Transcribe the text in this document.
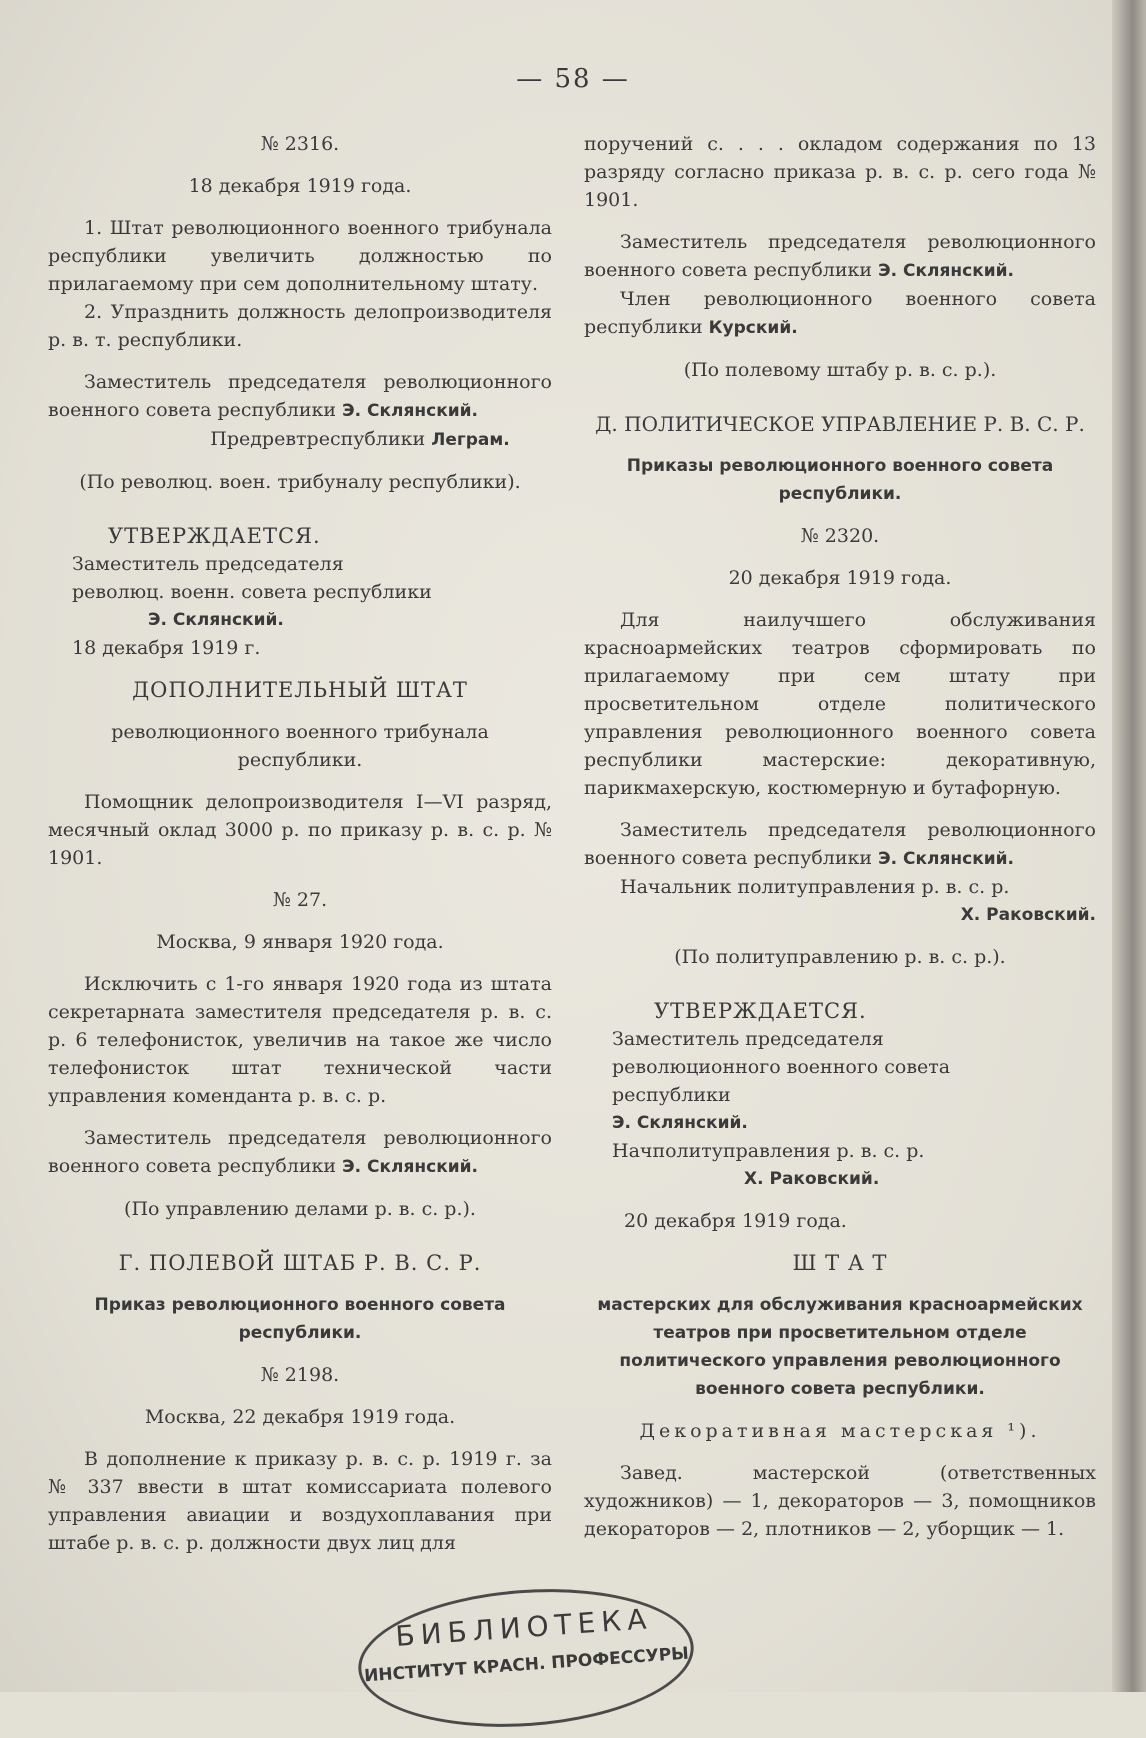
— 58 —

№ 2316.

18 декабря 1919 года.

1. Штат революционного военного трибунала республики увеличить должностью по прилагаемому при сем дополнительному штату.

2. Упразднить должность делопроизводителя р. в. т. республики.

Заместитель председателя революционного военного совета республики Э. Склянский.

Предревтреспублики Леграм.

(По революц. воен. трибуналу республики).

УТВЕРЖДАЕТСЯ.

Заместитель председателя революц. военн. совета республики

Э. Склянский.

18 декабря 1919 г.

ДОПОЛНИТЕЛЬНЫЙ ШТАТ

революционного военного трибунала республики.

Помощник делопроизводителя I—VI разряд, месячный оклад 3000 р. по приказу р. в. с. р. № 1901.

№ 27.

Москва, 9 января 1920 года.

Исключить с 1-го января 1920 года из штата секретарната заместителя председателя р. в. с. р. 6 телефонисток, увеличив на такое же число телефонисток штат технической части управления коменданта р. в. с. р.

Заместитель председателя революционного военного совета республики Э. Склянский.

(По управлению делами р. в. с. р.).

Г. ПОЛЕВОЙ ШТАБ Р. В. С. Р.

Приказ революционного военного совета республики.

№ 2198.

Москва, 22 декабря 1919 года.

В дополнение к приказу р. в. с. р. 1919 г. за № 337 ввести в штат комиссариата полевого управления авиации и воздухоплавания при штабе р. в. с. р. должности двух лиц для

поручений с. . . . окладом содержания по 13 разряду согласно приказа р. в. с. р. сего года № 1901.

Заместитель председателя революционного военного совета республики Э. Склянский.

Член революционного военного совета республики Курский.

(По полевому штабу р. в. с. р.).

Д. ПОЛИТИЧЕСКОЕ УПРАВЛЕНИЕ Р. В. С. Р.

Приказы революционного военного совета республики.

№ 2320.

20 декабря 1919 года.

Для наилучшего обслуживания красноармейских театров сформировать по прилагаемому при сем штату при просветительном отделе политического управления революционного военного совета республики мастерские: декоративную, парикмахерскую, костюмерную и бутафорную.

Заместитель председателя революционного военного совета республики Э. Склянский.

Начальник политуправления р. в. с. р.

Х. Раковский.

(По политуправлению р. в. с. р.).

УТВЕРЖДАЕТСЯ.

Заместитель председателя революционного военного совета республики

Э. Склянский.

Начполитуправления р. в. с. р.

Х. Раковский.

20 декабря 1919 года.

Ш Т А Т

мастерских для обслуживания красноармейских театров при просветительном отделе политического управления революционного военного совета республики.

Декоративная мастерская ¹).

Завед. мастерской (ответственных художников) — 1, декораторов — 3, помощников декораторов — 2, плотников — 2, уборщик — 1.

БИБЛИОТЕКА
ИНСТИТУТ КРАСН. ПРОФЕССУРЫ
